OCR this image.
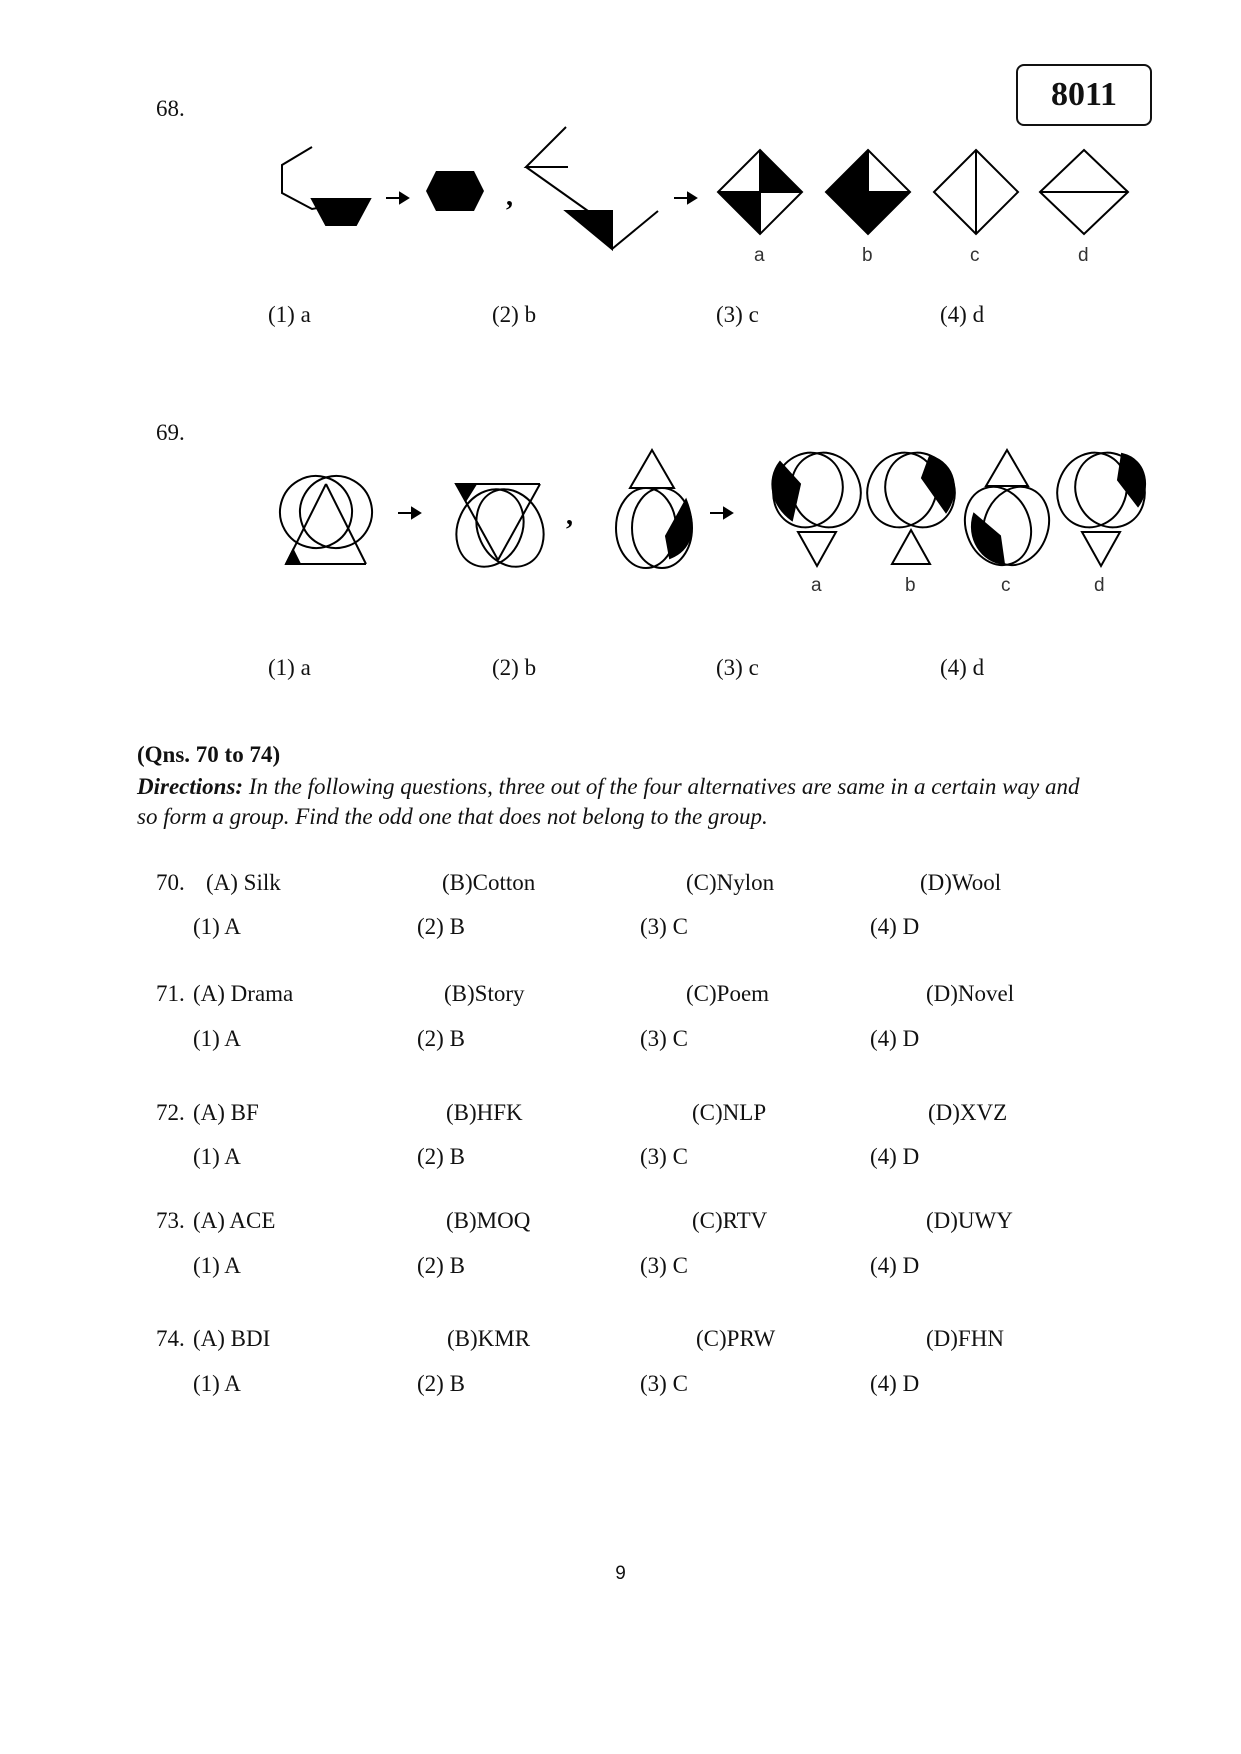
8011
68.
,
a	b	c	d
(1) a	(2) b	(3) c	(4) d
69.
,
a	b	c	d
(1) a	(2) b	(3) c	(4) d
(Qns. 70 to 74)
Directions: In the following questions, three out of the four alternatives are same in a certain way and so form a group. Find the odd one that does not belong to the group.
70. (A) Silk	(B)Cotton	(C)Nylon	(D)Wool
(1) A	(2) B	(3) C	(4) D
71. (A) Drama	(B)Story	(C)Poem	(D)Novel
(1) A	(2) B	(3) C	(4) D
72. (A) BF	(B)HFK	(C)NLP	(D)XVZ
(1) A	(2) B	(3) C	(4) D
73. (A) ACE	(B)MOQ	(C)RTV	(D)UWY
(1) A	(2) B	(3) C	(4) D
74. (A) BDI	(B)KMR	(C)PRW	(D)FHN
(1) A	(2) B	(3) C	(4) D
9
